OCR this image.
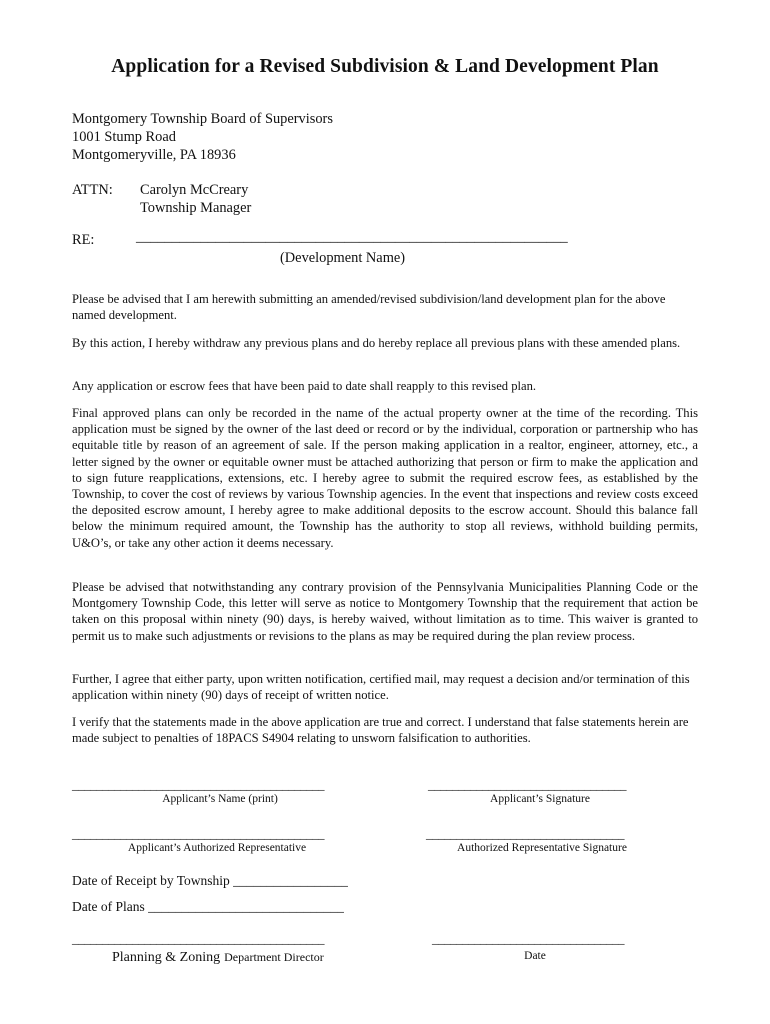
Application for a Revised Subdivision & Land Development Plan
Montgomery Township Board of Supervisors
1001 Stump Road
Montgomeryville, PA 18936
ATTN: Carolyn McCreary
Township Manager
RE:	____________________________________________________________
(Development Name)

Please be advised that I am herewith submitting an amended/revised subdivision/land development plan for the above named development.

By this action, I hereby withdraw any previous plans and do hereby replace all previous plans with these amended plans.

Any application or escrow fees that have been paid to date shall reapply to this revised plan.

Final approved plans can only be recorded in the name of the actual property owner at the time of the recording. This application must be signed by the owner of the last deed or record or by the individual, corporation or partnership who has equitable title by reason of an agreement of sale. If the person making application in a realtor, engineer, attorney, etc., a letter signed by the owner or equitable owner must be attached authorizing that person or firm to make the application and to sign future reapplications, extensions, etc. I hereby agree to submit the required escrow fees, as established by the Township, to cover the cost of reviews by various Township agencies. In the event that inspections and review costs exceed the deposited escrow amount, I hereby agree to make additional deposits to the escrow account. Should this balance fall below the minimum required amount, the Township has the authority to stop all reviews, withhold building permits, U&O’s, or take any other action it deems necessary.

Please be advised that notwithstanding any contrary provision of the Pennsylvania Municipalities Planning Code or the Montgomery Township Code, this letter will serve as notice to Montgomery Township that the requirement that action be taken on this proposal within ninety (90) days, is hereby waived, without limitation as to time. This waiver is granted to permit us to make such adjustments or revisions to the plans as may be required during the plan review process.

Further, I agree that either party, upon written notification, certified mail, may request a decision and/or termination of this application within ninety (90) days of receipt of written notice.

I verify that the statements made in the above application are true and correct. I understand that false statements herein are made subject to penalties of 18PACS S4904 relating to unsworn falsification to authorities.

__________________________________________	_________________________________
Applicant’s Name (print)	Applicant’s Signature
__________________________________________	_________________________________
Applicant’s Authorized Representative	Authorized Representative Signature
Date of Receipt by Township _________________
Date of Plans _____________________________
__________________________________________	________________________________
Planning & Zoning Department Director	Date
